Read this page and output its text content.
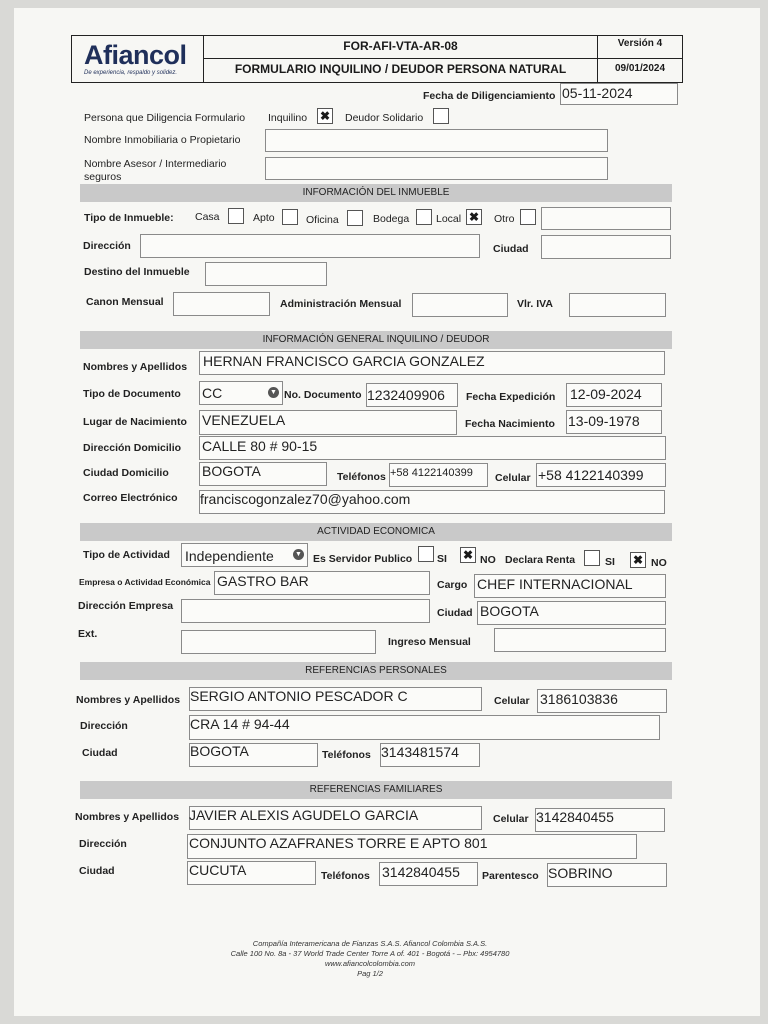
Afiancol
De experiencia, respaldo y solidez.
FOR-AFI-VTA-AR-08
FORMULARIO INQUILINO / DEUDOR PERSONA NATURAL
Versión 4
09/01/2024
Fecha de Diligenciamiento 05-11-2024
Persona que Diligencia Formulario Inquilino ✖ Deudor Solidario
Nombre Inmobiliaria o Propietario
Nombre Asesor / Intermediario
seguros
INFORMACIÓN DEL INMUEBLE
Tipo de Inmueble: Casa	Apto	Oficina	Bodega	Local ✖ Otro
Dirección	Ciudad
Destino del Inmueble
Canon Mensual	Administración Mensual	Vlr. IVA
INFORMACIÓN GENERAL INQUILINO / DEUDOR
Nombres y Apellidos HERNAN FRANCISCO GARCIA GONZALEZ
Tipo de Documento CC	▼ No. Documento 1232409906 Fecha Expedición 12-09-2024
Lugar de Nacimiento VENEZUELA	Fecha Nacimiento 13-09-1978
Dirección Domicilio CALLE 80 # 90-15
Ciudad Domicilio BOGOTA	Teléfonos +58 4122140399 Celular +58 4122140399
Correo Electrónico franciscogonzalez70@yahoo.com
ACTIVIDAD ECONOMICA
Tipo de Actividad Independiente	▼ Es Servidor Publico SI ✖ NO Declara Renta	SI ✖ NO
Empresa o Actividad Económica GASTRO BAR	Cargo CHEF INTERNACIONAL
Dirección Empresa
Ciudad BOGOTA
Ext.
Ingreso Mensual
REFERENCIAS PERSONALES
Nombres y Apellidos SERGIO ANTONIO PESCADOR C	Celular 3186103836
Dirección	CRA 14 # 94-44
Ciudad	BOGOTA	Teléfonos 3143481574
REFERENCIAS FAMILIARES
Nombres y Apellidos JAVIER ALEXIS AGUDELO GARCIA	Celular 3142840455
Dirección	CONJUNTO AZAFRANES TORRE E APTO 801
Ciudad	CUCUTA	Teléfonos 3142840455 Parentesco SOBRINO
Compañía Interamericana de Fianzas S.A.S. Afiancol Colombia S.A.S.
Calle 100 No. 8a - 37 World Trade Center Torre A of. 401 - Bogotá - – Pbx: 4954780
www.afiancolcolombia.com
Pag 1/2
